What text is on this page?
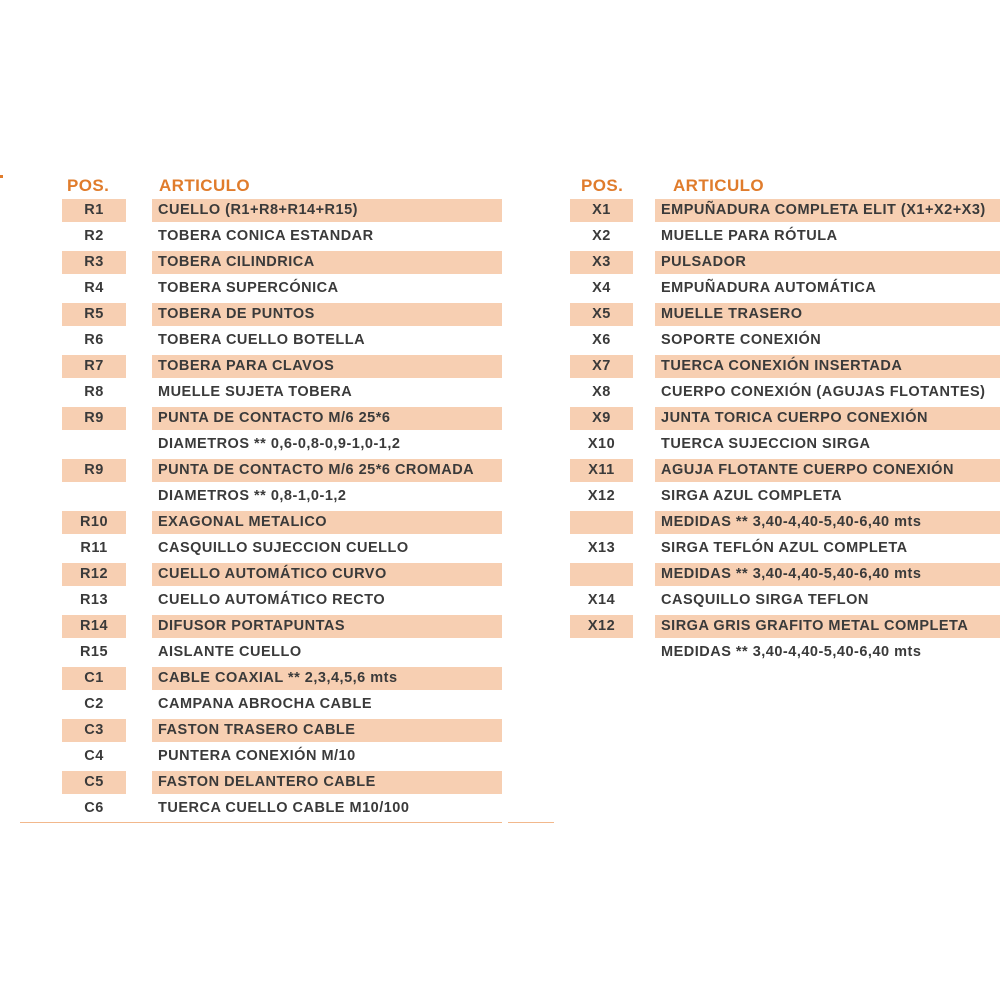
POS.	ARTICULO
R1	CUELLO (R1+R8+R14+R15)
R2	TOBERA CONICA ESTANDAR
R3	TOBERA CILINDRICA
R4	TOBERA SUPERCÓNICA
R5	TOBERA DE PUNTOS
R6	TOBERA CUELLO BOTELLA
R7	TOBERA PARA CLAVOS
R8	MUELLE SUJETA TOBERA
R9	PUNTA DE CONTACTO M/6 25*6
DIAMETROS ** 0,6-0,8-0,9-1,0-1,2
R9	PUNTA DE CONTACTO M/6 25*6 CROMADA
DIAMETROS ** 0,8-1,0-1,2
R10	EXAGONAL METALICO
R11	CASQUILLO SUJECCION CUELLO
R12	CUELLO AUTOMÁTICO CURVO
R13	CUELLO AUTOMÁTICO RECTO
R14	DIFUSOR PORTAPUNTAS
R15	AISLANTE CUELLO
C1	CABLE COAXIAL ** 2,3,4,5,6 mts
C2	CAMPANA ABROCHA CABLE
C3	FASTON TRASERO CABLE
C4	PUNTERA CONEXIÓN M/10
C5	FASTON DELANTERO CABLE
C6	TUERCA CUELLO CABLE M10/100
POS.	ARTICULO
X1	EMPUÑADURA COMPLETA ELIT (X1+X2+X3)
X2	MUELLE PARA RÓTULA
X3	PULSADOR
X4	EMPUÑADURA AUTOMÁTICA
X5	MUELLE TRASERO
X6	SOPORTE CONEXIÓN
X7	TUERCA CONEXIÓN INSERTADA
X8	CUERPO CONEXIÓN (AGUJAS FLOTANTES)
X9	JUNTA TORICA CUERPO CONEXIÓN
X10	TUERCA SUJECCION SIRGA
X11	AGUJA FLOTANTE CUERPO CONEXIÓN
X12	SIRGA AZUL COMPLETA
MEDIDAS ** 3,40-4,40-5,40-6,40 mts
X13	SIRGA TEFLÓN AZUL COMPLETA
MEDIDAS ** 3,40-4,40-5,40-6,40 mts
X14	CASQUILLO SIRGA TEFLON
X12	SIRGA GRIS GRAFITO METAL COMPLETA
MEDIDAS ** 3,40-4,40-5,40-6,40 mts
